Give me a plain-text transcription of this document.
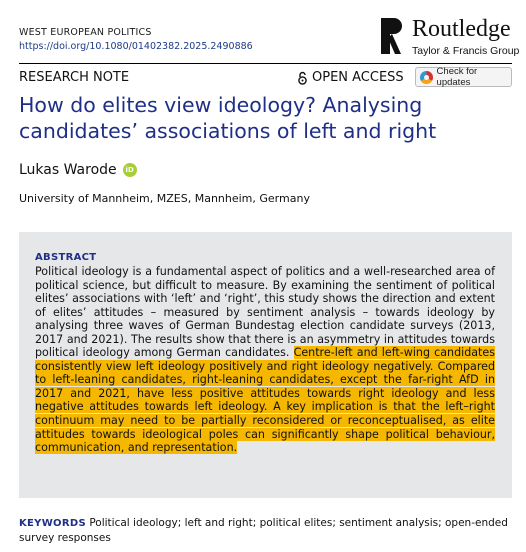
WEST EUROPEAN POLITICS
https://doi.org/10.1080/01402382.2025.2490886
Routledge
Taylor & Francis Group
RESEARCH NOTE	OPEN ACCESS	Check for updates
How do elites view ideology? Analysing candidates’ associations of left and right
Lukas Warode	iD
University of Mannheim, MZES, Mannheim, Germany
ABSTRACT

Political ideology is a fundamental aspect of politics and a well-researched area of political science, but difficult to measure. By examining the sentiment of political elites’ associations with ‘left’ and ‘right’, this study shows the direction and extent of elites’ attitudes – measured by sentiment analysis – towards ideology by analysing three waves of German Bundestag election candidate surveys (2013, 2017 and 2021). The results show that there is an asymmetry in attitudes towards political ideology among German candidates. Centre-left and left-wing candidates consistently view left ideology positively and right ideology negatively. Compared to left-leaning candidates, right-leaning candidates, except the far-right AfD in 2017 and 2021, have less positive attitudes towards right ideology and less negative attitudes towards left ideology. A key implication is that the left–right continuum may need to be partially reconsidered or reconceptualised, as elite attitudes towards ideological poles can significantly shape political behaviour, communication, and representation.

KEYWORDS Political ideology; left and right; political elites; sentiment analysis; open-ended survey responses
